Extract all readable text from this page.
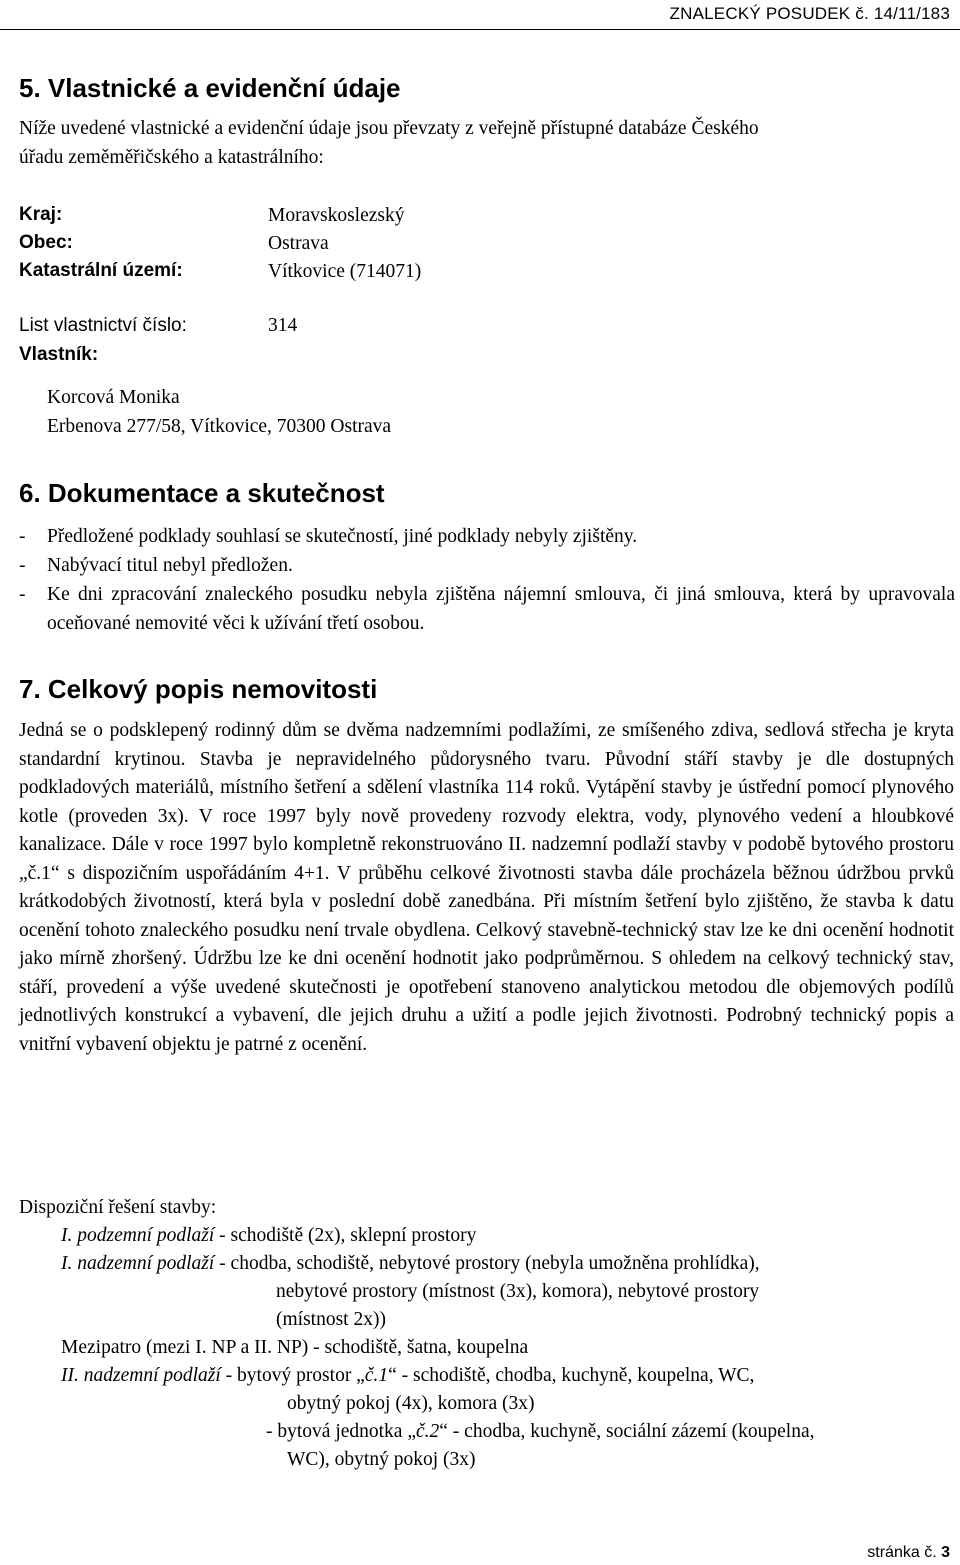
ZNALECKÝ POSUDEK č. 14/11/183
5. Vlastnické a evidenční údaje
Níže uvedené vlastnické a evidenční údaje jsou převzaty z veřejně přístupné databáze Českého
úřadu zeměměřičského a katastrálního:
Kraj:	Moravskoslezský
Obec:	Ostrava
Katastrální území:	Vítkovice (714071)
List vlastnictví číslo:	314
Vlastník:
Korcová Monika
Erbenova 277/58, Vítkovice, 70300 Ostrava
6. Dokumentace a skutečnost
- Předložené podklady souhlasí se skutečností, jiné podklady nebyly zjištěny.
- Nabývací titul nebyl předložen.
- Ke dni zpracování znaleckého posudku nebyla zjištěna nájemní smlouva, či jiná smlouva, která by upravovala oceňované nemovité věci k užívání třetí osobou.
7. Celkový popis nemovitosti
Jedná se o podsklepený rodinný dům se dvěma nadzemními podlažími, ze smíšeného zdiva, sedlová střecha je kryta standardní krytinou. Stavba je nepravidelného půdorysného tvaru. Původní stáří stavby je dle dostupných podkladových materiálů, místního šetření a sdělení vlastníka 114 roků. Vytápění stavby je ústřední pomocí plynového kotle (proveden 3x). V roce 1997 byly nově provedeny rozvody elektra, vody, plynového vedení a hloubkové kanalizace. Dále v roce 1997 bylo kompletně rekonstruováno II. nadzemní podlaží stavby v podobě bytového prostoru „č.1“ s dispozičním uspořádáním 4+1. V průběhu celkové životnosti stavba dále procházela běžnou údržbou prvků krátkodobých životností, která byla v poslední době zanedbána. Při místním šetření bylo zjištěno, že stavba k datu ocenění tohoto znaleckého posudku není trvale obydlena. Celkový stavebně-technický stav lze ke dni ocenění hodnotit jako mírně zhoršený. Údržbu lze ke dni ocenění hodnotit jako podprůměrnou. S ohledem na celkový technický stav, stáří, provedení a výše uvedené skutečnosti je opotřebení stanoveno analytickou metodou dle objemových podílů jednotlivých konstrukcí a vybavení, dle jejich druhu a užití a podle jejich životnosti. Podrobný technický popis a vnitřní vybavení objektu je patrné z ocenění.
Dispoziční řešení stavby:
I. podzemní podlaží - schodiště (2x), sklepní prostory
I. nadzemní podlaží - chodba, schodiště, nebytové prostory (nebyla umožněna prohlídka),
nebytové prostory (místnost (3x), komora), nebytové prostory
(místnost 2x))
Mezipatro (mezi I. NP a II. NP) - schodiště, šatna, koupelna
II. nadzemní podlaží - bytový prostor „č.1“ - schodiště, chodba, kuchyně, koupelna, WC,
obytný pokoj (4x), komora (3x)
- bytová jednotka „č.2“ - chodba, kuchyně, sociální zázemí (koupelna,
WC), obytný pokoj (3x)
stránka č. 3
